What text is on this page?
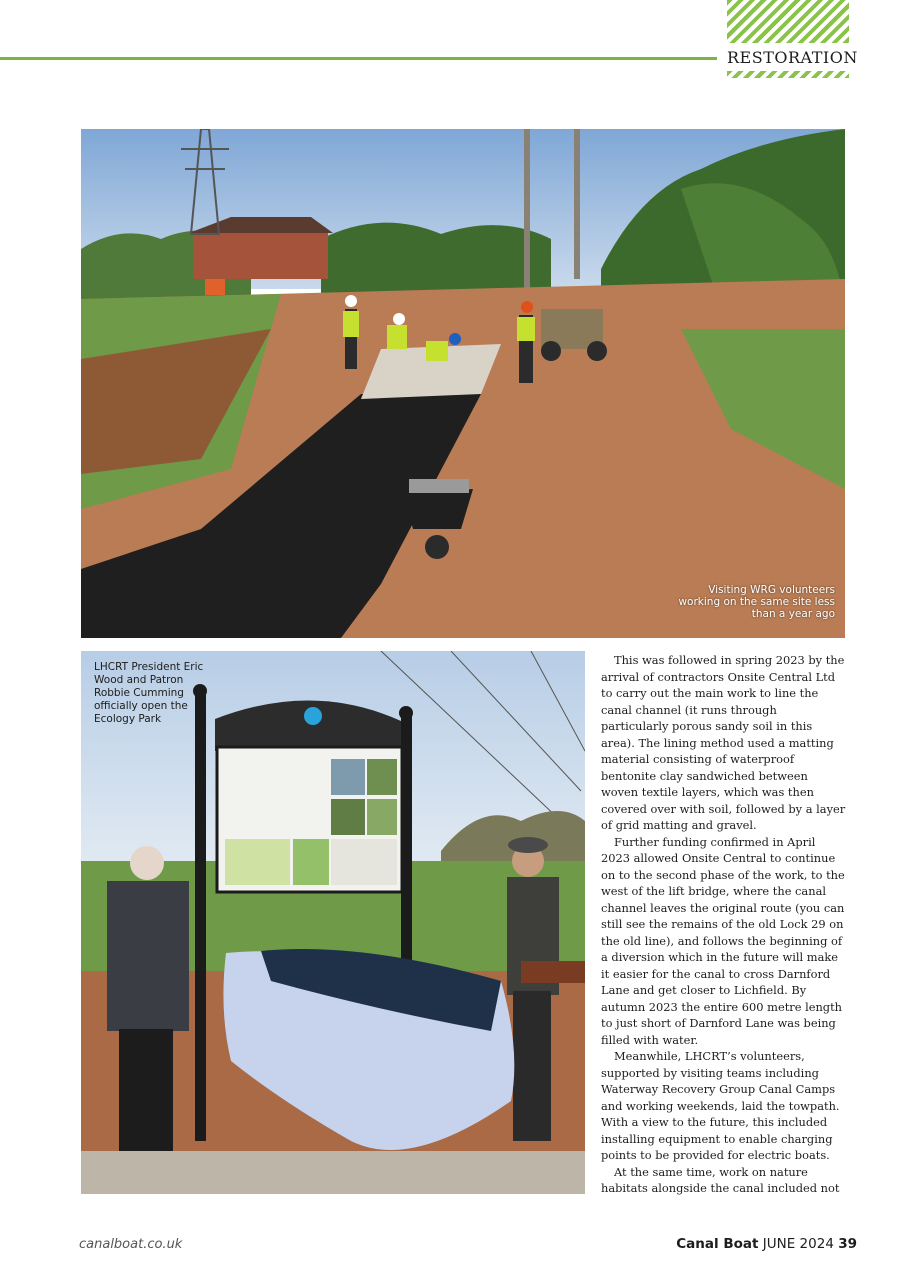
RESTORATION
Visiting WRG volunteers working on the same site less than a year ago
LHCRT President Eric Wood and Patron Robbie Cumming officially open the Ecology Park

This was followed in spring 2023 by the arrival of contractors Onsite Central Ltd to carry out the main work to line the canal channel (it runs through particularly porous sandy soil in this area). The lining method used a matting material consisting of waterproof bentonite clay sandwiched between woven textile layers, which was then covered over with soil, followed by a layer of grid matting and gravel.

Further funding confirmed in April 2023 allowed Onsite Central to continue on to the second phase of the work, to the west of the lift bridge, where the canal channel leaves the original route (you can still see the remains of the old Lock 29 on the old line), and follows the beginning of a diversion which in the future will make it easier for the canal to cross Darnford Lane and get closer to Lichfield. By autumn 2023 the entire 600 metre length to just short of Darnford Lane was being filled with water.

Meanwhile, LHCRT’s volunteers, supported by visiting teams including Waterway Recovery Group Canal Camps and working weekends, laid the towpath. With a view to the future, this included installing equipment to enable charging points to be provided for electric boats.

At the same time, work on nature habitats alongside the canal included not

canalboat.co.uk	Canal Boat JUNE 2024 39
